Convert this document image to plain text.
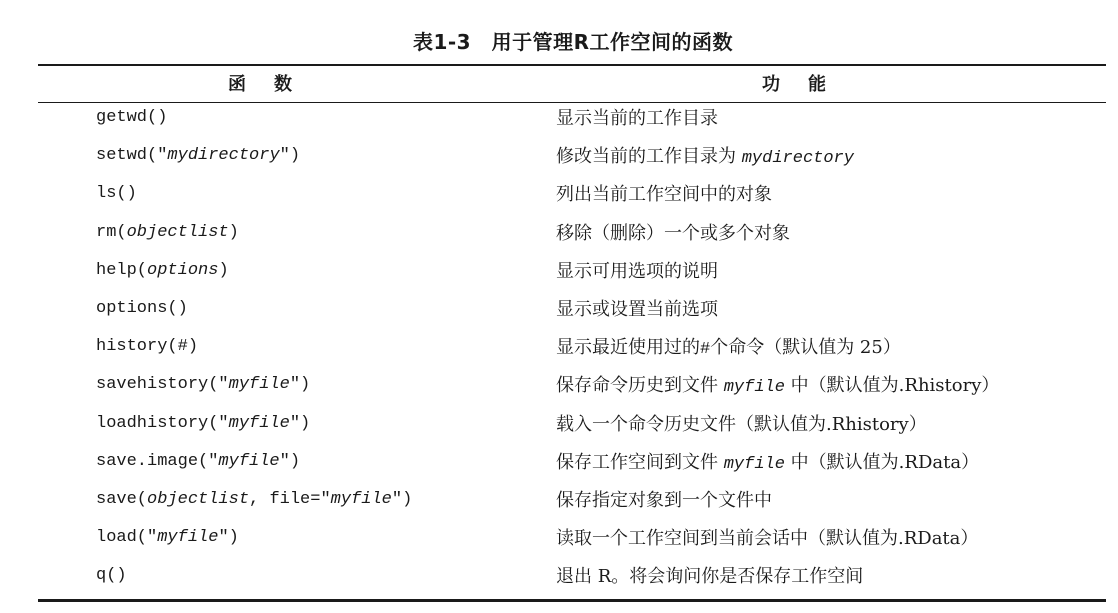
表1-3　用于管理R工作空间的函数
函数	功能
getwd()	显示当前的工作目录
setwd("mydirectory")	修改当前的工作目录为 mydirectory
ls()	列出当前工作空间中的对象
rm(objectlist)	移除（删除）一个或多个对象
help(options)	显示可用选项的说明
options()	显示或设置当前选项
history(#)	显示最近使用过的#个命令（默认值为 25）
savehistory("myfile")	保存命令历史到文件 myfile 中（默认值为.Rhistory）
loadhistory("myfile")	载入一个命令历史文件（默认值为.Rhistory）
save.image("myfile")	保存工作空间到文件 myfile 中（默认值为.RData）
save(objectlist, file="myfile")	保存指定对象到一个文件中
load("myfile")	读取一个工作空间到当前会话中（默认值为.RData）
q()	退出 R。将会询问你是否保存工作空间
